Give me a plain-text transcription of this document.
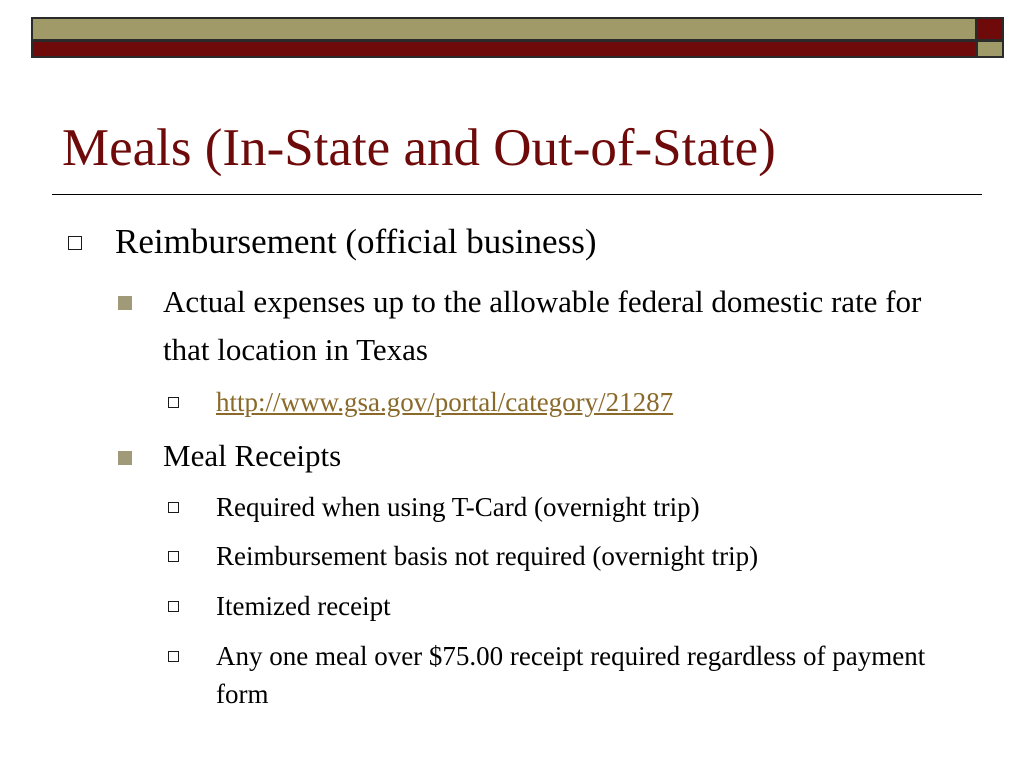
Meals (In-State and Out-of-State)
Reimbursement (official business)
Actual expenses up to the allowable federal domestic rate for that location in Texas
http://www.gsa.gov/portal/category/21287
Meal Receipts
Required when using T-Card (overnight trip)
Reimbursement basis not required (overnight trip)
Itemized receipt
Any one meal over $75.00 receipt required regardless of payment form
